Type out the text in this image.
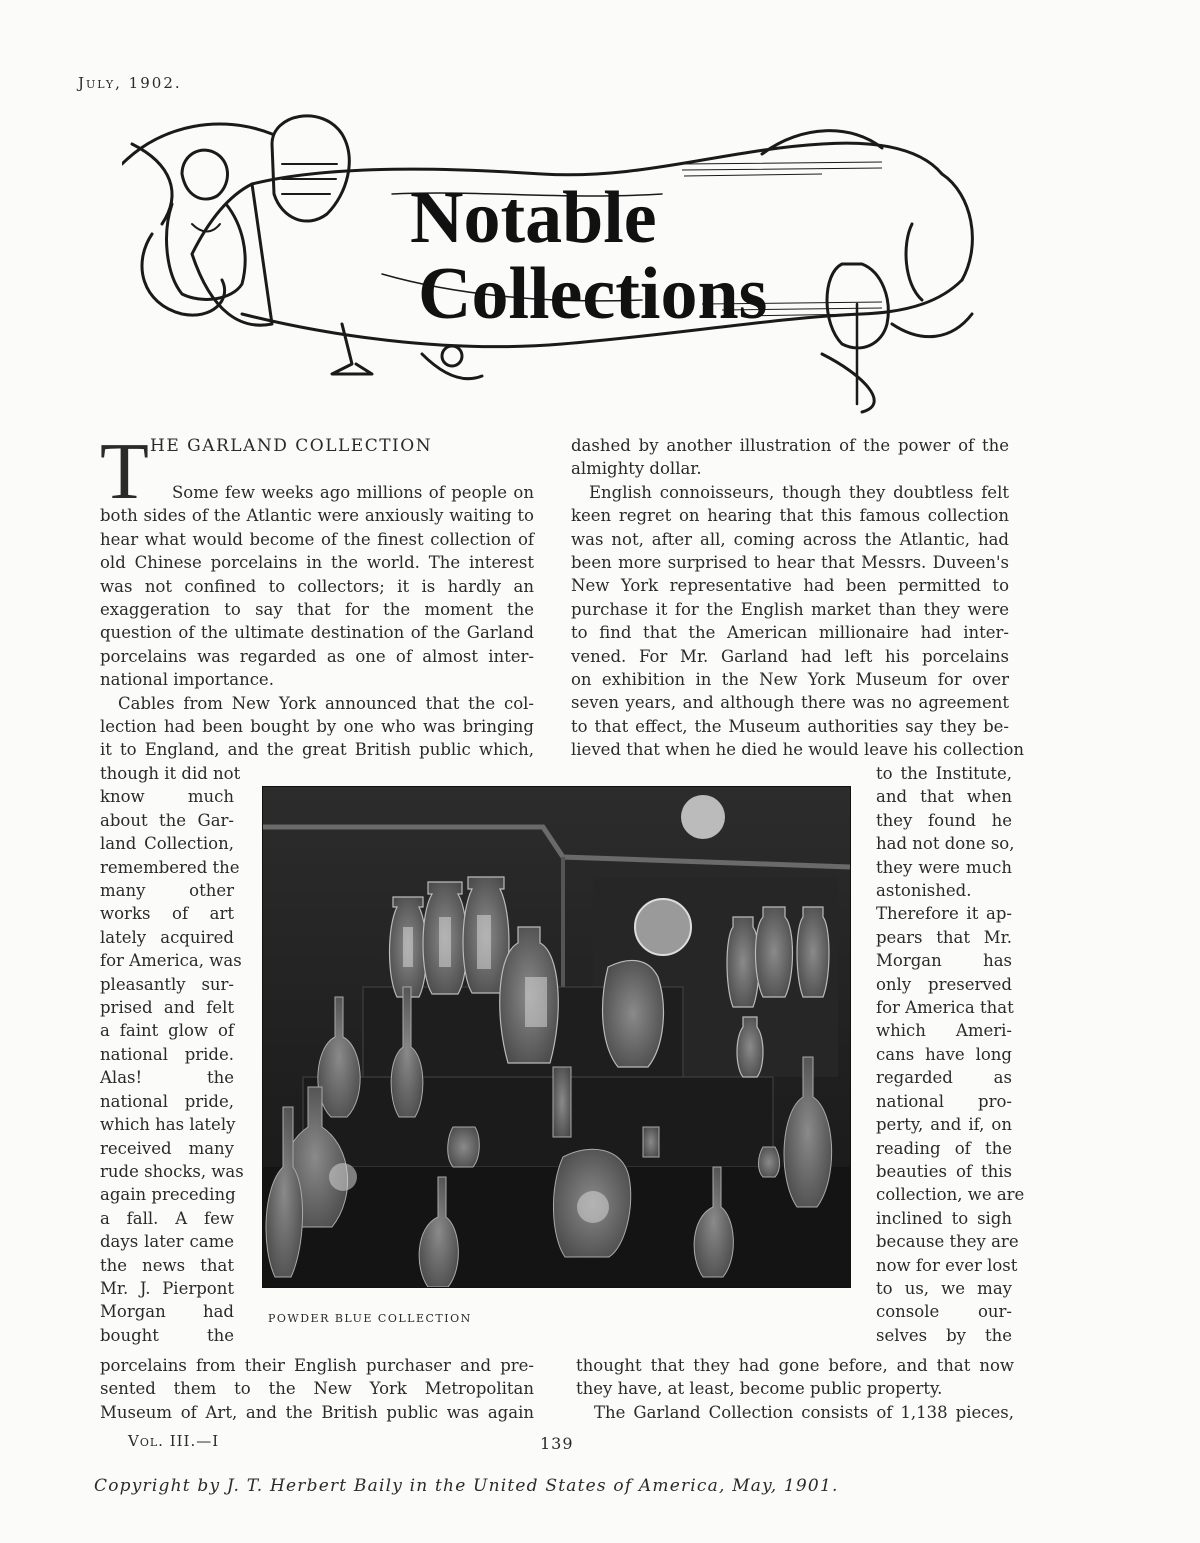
July, 1902.
Notable
Collections
T HE GARLAND COLLECTION
Some few weeks ago millions of people on
both sides of the Atlantic were anxiously waiting to
hear what would become of the finest collection of
old Chinese porcelains in the world. The interest
was not confined to collectors; it is hardly an
exaggeration to say that for the moment the
question of the ultimate destination of the Garland
porcelains was regarded as one of almost inter-
national importance.
Cables from New York announced that the col-
lection had been bought by one who was bringing
it to England, and the great British public which,
though it did not
know much
about the Gar-
land Collection,
remembered the
many other
works of art
lately acquired
for America, was
pleasantly sur-
prised and felt
a faint glow of
national pride.
Alas! the
national pride,
which has lately
received many
rude shocks, was
again preceding
a fall. A few
days later came
the news that
Mr. J. Pierpont
Morgan had
bought the
porcelains from their English purchaser and pre-
sented them to the New York Metropolitan
Museum of Art, and the British public was again
dashed by another illustration of the power of the
almighty dollar.
English connoisseurs, though they doubtless felt
keen regret on hearing that this famous collection
was not, after all, coming across the Atlantic, had
been more surprised to hear that Messrs. Duveen's
New York representative had been permitted to
purchase it for the English market than they were
to find that the American millionaire had inter-
vened. For Mr. Garland had left his porcelains
on exhibition in the New York Museum for over
seven years, and although there was no agreement
to that effect, the Museum authorities say they be-
lieved that when he died he would leave his collection
to the Institute,
and that when
they found he
had not done so,
they were much
astonished.
Therefore it ap-
pears that Mr.
Morgan has
only preserved
for America that
which Ameri-
cans have long
regarded as
national pro-
perty, and if, on
reading of the
beauties of this
collection, we are
inclined to sigh
because they are
now for ever lost
to us, we may
console our-
selves by the
thought that they had gone before, and that now
they have, at least, become public property.
The Garland Collection consists of 1,138 pieces,
POWDER BLUE COLLECTION
Vol. III.—I	139
Copyright by J. T. Herbert Baily in the United States of America, May, 1901.
